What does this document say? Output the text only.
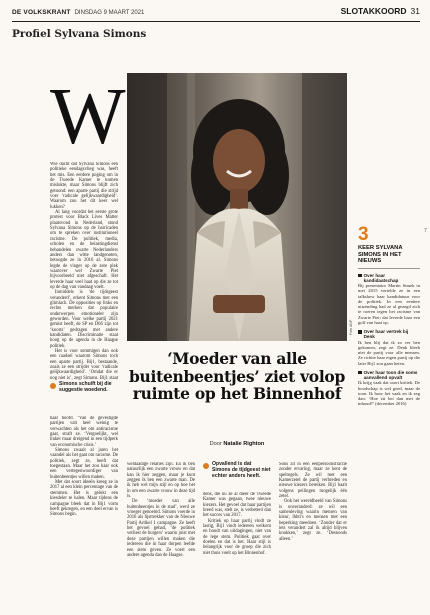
DE VOLKSKRANT DINSDAG 9 MAART 2021	SLOTAKKOORD 31
Profiel Sylvana Simons
W

Wie dacht dat Sylvana Simons een politieke eendagsvlieg was, heeft het mis. Een eerdere poging om in de Tweede Kamer te komen mislukte, maar Simons blijft zich getoond: een aparte partij die strijd voer ‘radicale gelijkwaardigheid’. Waarom zou het dit keer wel lukken?

Al lang voordat het eerste grote protest voor Black Lives Matter plaatsvond in Nederland, stond Sylvana Simons op de barricaden om te spreken over institutioneel racisme. De politiek, media, scholen en de belastingdienst behandelen zwarte Nederlanders anders dan witte landgenoten, betoogde ze in 2016 al. Simons legde de vinger op de zere plek waarover wel Zwarte Piet bijvoorbeeld niet afgeschaft. Het leverde haar veel haat op die ze tot op de dag van vandaag voelt.

Inmiddels is ‘de tijdsgeest veranderd’, erkent Simons met een glimlach. De opposities op links en rechts merken dat populaire onderwerpen emotioneler zijn geworden. Voor welke partij 2021 gemist heeft, de SP en D66 zijn tot ‘koorts’ gedragen met andere kandidaten. Discriminatie staat hoog op de agenda in de Haagse politiek.

Het is voor sommigen dan ook een raadsel waarom Simons toch een aparte partij. Bij1, bestaande, zoals ze een strijder voor ‘radicale gelijkwaardigheid’. ‘Omdat die er nog niet is’, zegt Simons. Bij1 staat

Simons schuift bij die suggestie woedend.

haar hoofd. ‘Van de gevestigde partijen valt heel weinig te verwachten als het om antiracisme gaat, straft ze. ‘Vergoelijkt, wel linker maar dreigend in een tijdperk van economische crisis.’

Simons zwaait al jaren het vaandel als het gaat om racisme. De politiek, zegt ze, heeft dat toegestaan. Maar het zou haar ook een vertegenwoordiger van buitenbeentjes willen maken.

Met dat soort ideeën kreeg ze in 2017 al een klein percentage van de stemmen. Het is gelukt een kiesdeler te halen. Maar tijdens de campagne bleek dat in Bij1 vorm heeft gekregen, en een deel ervan is Simons begin.

Foto ANP
‘Moeder van alle buitenbeentjes’ ziet volop ruimte op het Binnenhof
Door Natalie Righton

weldaadige relaties zijn. En ik ben natuurlijk een zwarte vrouw en dat kan ik hier zeggen, maar je kunt zeggen ik ben een zwarte man. De ik heb wel mijn stijl en op hoe het in om een zwarte vrouw in deze tijd is.

De ‘moeder van alle buitenbeentjes in de stad’, werd ze vroeger genoemd. Simons voerde in 2016 als lijsttrekker van de Nieuwe Partij Artikel 1 campagne. Ze heeft het gevoel gehad, ‘de politiek verliest de burgers’ waarin juist met deze partijen willen maken die iedereen die in haar dorpen leefde een stem geven. Ze voert een andere agenda dan de Haagse.

dens, die nu ze al meer de Tweede Kamer was gegaan, twee nieuwe kiezers. Het gevoel dat haar partijen breed was, stelt ze, is verbeterd dan het succes van 2017.

Kritiek op haar partij vindt ze lastig, Bij1 vindt iedereen welkom en houdt van uitdagingen, niet van de lege stem. Politiek gaat over doelen en dat is het. Haar stijl is belangrijk voor de groep die zich niet thuis voelt op het Binnenhof.

Opvallend is dat Simons de tijdgeest niet echter anders heeft.

Sons zit in een eenpersoonsfractie zonder ervaring, maar ze kent de spelregels. Ze wil met een Kamerzetel de partij verbreden en nieuwe kiezers bereiken. Bij1 haalt volgens peilingen mogelijk één zetel.

Ook het wereldbeeld van Simons is onveranderd: ze wil een samenleving waarin mensen van kleur, lhbti's en mensen met een beperking meedoen. ‘Zonder dat er iets verandert zal ik altijd blijven knokken,’ zegt ze. ‘Desnoods alleen.’

3
KEER SYLVANA SIMONS IN HET NIEUWS
Over haar kandidaatschap
Bij presentator Martin Simek in mei 2015 vertelde ze in een talkshow haar kandidatuur voor de politiek. In een eerdere uitzending had ze al gezegd zich te roeren tegen het racisme van Zwarte Piet; dat leverde haar een golf van haat op.
Over haar vertrek bij Denk
Ik ben blij dat ik zo ver ben gekomen, zegt ze. Denk bleek niet de partij voor alle mensen. Ze richtte haar eigen partij op die later Bij1 zou gaan heten.
Over haar toon die soms aanvallend opvalt
Ik krijg vaak dat soort kritiek. De boodschap is wel goed, maar de toon. Ik hoor het vaak en ik zeg dan: ‘Hoe zit het dan met de inhoud?’ (december 2016)
7
